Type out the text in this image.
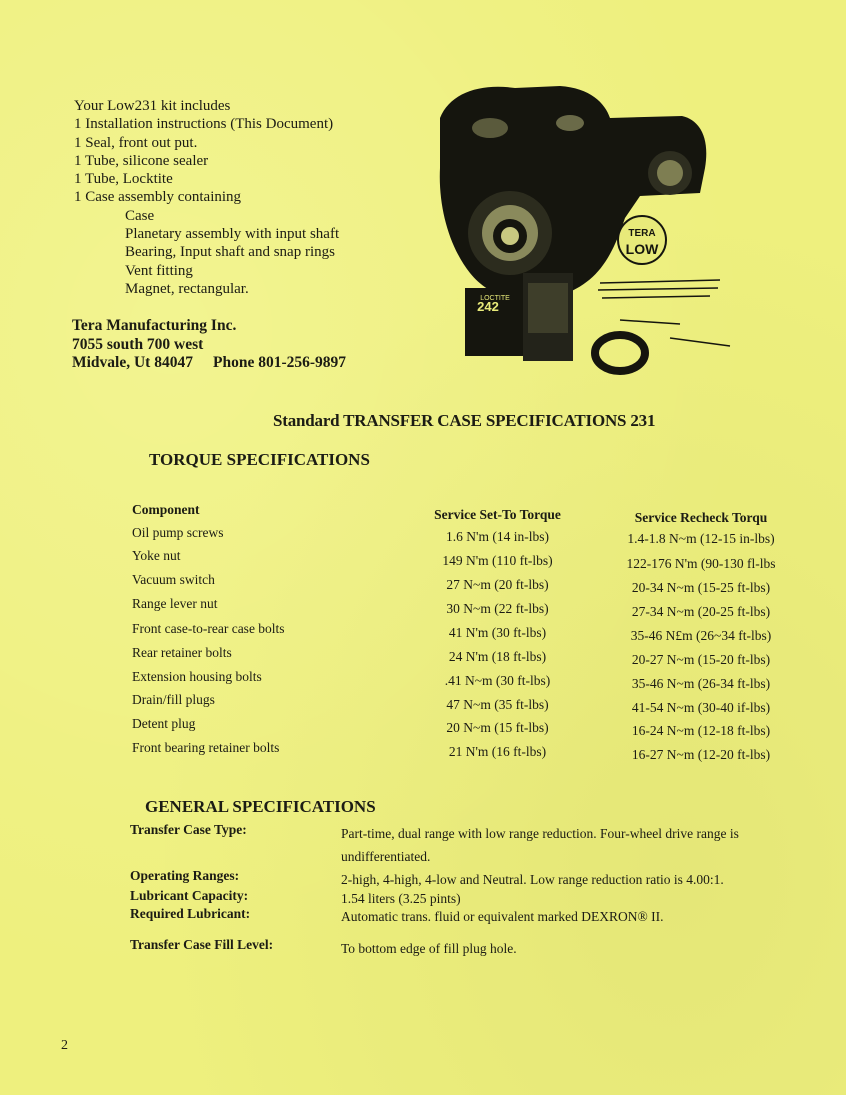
Your Low231 kit includes
1 Installation instructions (This Document)
1 Seal, front out put.
1 Tube, silicone sealer
1 Tube, Locktite
1 Case assembly containing
Case
Planetary assembly with input shaft
Bearing, Input shaft and snap rings
Vent fitting
Magnet, rectangular.
Tera Manufacturing Inc.
7055 south 700 west
Midvale, Ut 84047 Phone 801-256-9897
TERA
LOW
LOCTITE
242
Standard TRANSFER CASE SPECIFICATIONS 231
TORQUE SPECIFICATIONS
Component	Service Set-To Torque	Service Recheck Torqu
Oil pump screws	1.6 N'm (14 in-lbs)	1.4-1.8 N~m (12-15 in-lbs)
Yoke nut	149 N'm (110 ft-lbs)	122-176 N'm (90-130 fl-lbs
Vacuum switch	27 N~m (20 ft-lbs)	20-34 N~m (15-25 ft-lbs)
Range lever nut	30 N~m (22 ft-lbs)	27-34 N~m (20-25 ft-lbs)
Front case-to-rear case bolts	41 N'm (30 ft-lbs)	35-46 N£m (26~34 ft-lbs)
Rear retainer bolts	24 N'm (18 ft-lbs)	20-27 N~m (15-20 ft-lbs)
Extension housing bolts	.41 N~m (30 ft-lbs)	35-46 N~m (26-34 ft-lbs)
Drain/fill plugs	47 N~m (35 ft-lbs)	41-54 N~m (30-40 if-lbs)
Detent plug	20 N~m (15 ft-lbs)	16-24 N~m (12-18 ft-lbs)
Front bearing retainer bolts	21 N'm (16 ft-lbs)	16-27 N~m (12-20 ft-lbs)
GENERAL SPECIFICATIONS
Transfer Case Type:	Part-time, dual range with low range reduction. Four-wheel drive range is
undifferentiated.
Operating Ranges:	2-high, 4-high, 4-low and Neutral. Low range reduction ratio is 4.00:1.
Lubricant Capacity:	1.54 liters (3.25 pints)
Required Lubricant:	Automatic trans. fluid or equivalent marked DEXRON® II.
Transfer Case Fill Level:	To bottom edge of fill plug hole.
2
